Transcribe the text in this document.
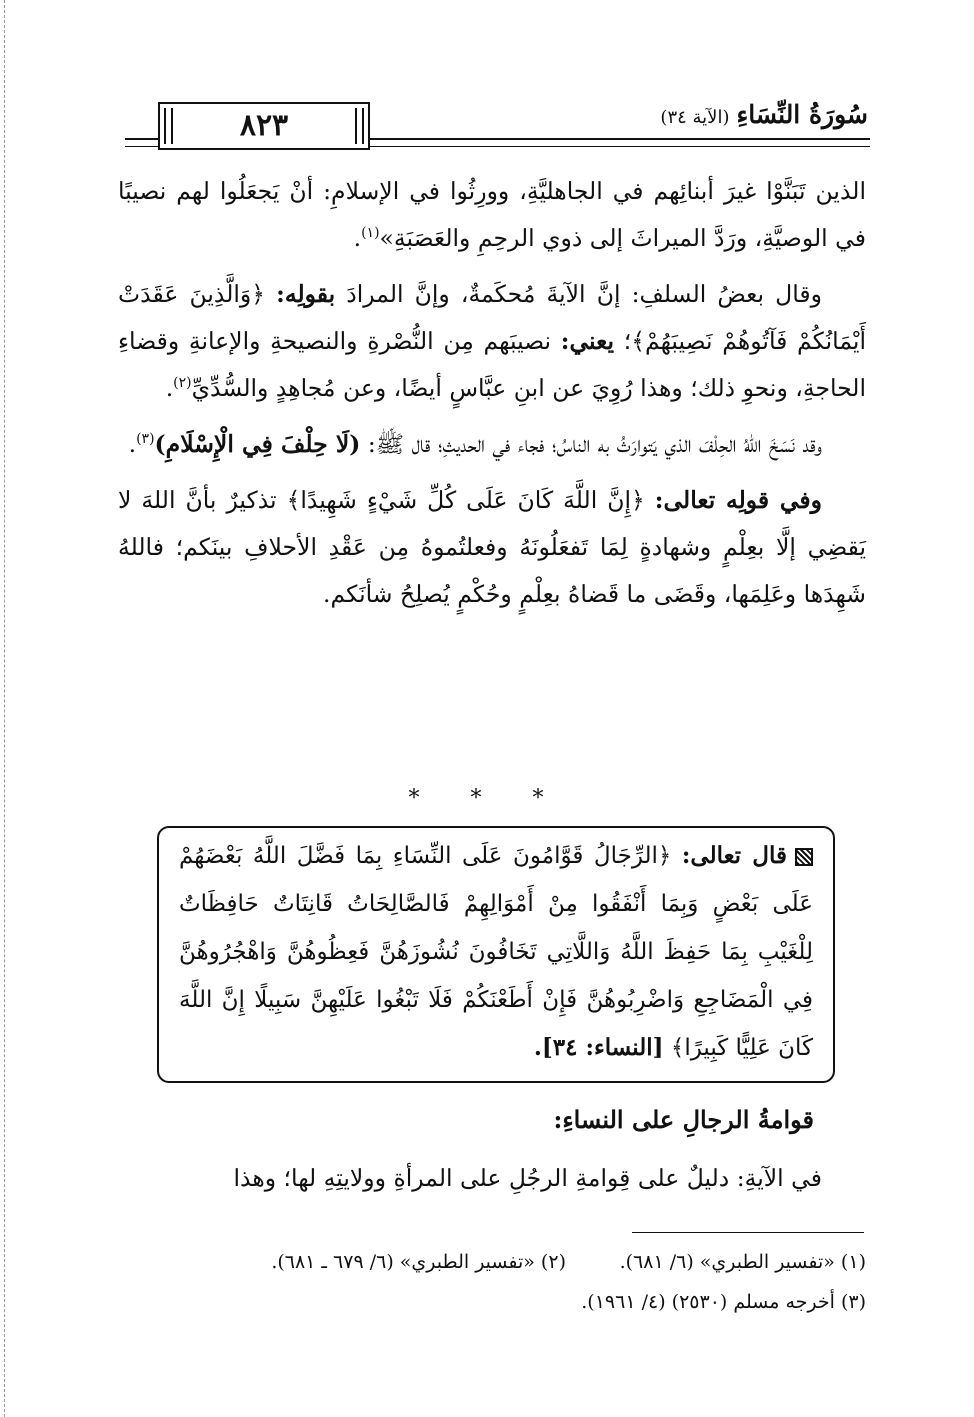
٨٢٣	سُورَةُ النِّسَاءِ (الآية ٣٤)

الذين تَبَنَّوْا غيرَ أبنائِهم في الجاهليَّةِ، وورِثُوا في الإسلامِ: أنْ يَجعَلُوا لهم نصيبًا في الوصيَّةِ، ورَدَّ الميراثَ إلى ذوي الرحِمِ والعَصَبَةِ»$^{(١)}$.

وقال بعضُ السلفِ: إنَّ الآيةَ مُحكَمةٌ، وإنَّ المرادَ بقولِه: ﴿وَالَّذِينَ عَقَدَتْ أَيْمَانُكُمْ فَآتُوهُمْ نَصِيبَهُمْ﴾؛ يعني: نصيبَهم مِن النُّصْرةِ والنصيحةِ والإعانةِ وقضاءِ الحاجةِ، ونحوِ ذلك؛ وهذا رُوِيَ عن ابنِ عبَّاسٍ أيضًا، وعن مُجاهِدٍ والسُّدِّيِّ$^{(٢)}$.

وقد نَسَخَ اللهُ الحِلْفَ الذي يَتوارَثُ به الناسُ؛ فجاء في الحديثِ؛ قال ﷺ: (لَا حِلْفَ فِي الْإِسْلَامِ)$^{(٣)}$.

وفي قولِه تعالى: ﴿إِنَّ اللَّهَ كَانَ عَلَى كُلِّ شَيْءٍ شَهِيدًا﴾ تذكيرٌ بأنَّ اللهَ لا يَقضِي إلَّا بعِلْمٍ وشهادةٍ لِمَا تَفعَلُونَهُ وفعلتُموهُ مِن عَقْدِ الأحلافِ بينَكم؛ فاللهُ شَهِدَها وعَلِمَها، وقَضَى ما قَضاهُ بعِلْمٍ وحُكْمٍ يُصلِحُ شأنَكم.

* * *
قال تعالى: ﴿الرِّجَالُ قَوَّامُونَ عَلَى النِّسَاءِ بِمَا فَضَّلَ اللَّهُ بَعْضَهُمْ عَلَى بَعْضٍ وَبِمَا أَنْفَقُوا مِنْ أَمْوَالِهِمْ فَالصَّالِحَاتُ قَانِتَاتٌ حَافِظَاتٌ لِلْغَيْبِ بِمَا حَفِظَ اللَّهُ وَاللَّاتِي تَخَافُونَ نُشُوزَهُنَّ فَعِظُوهُنَّ وَاهْجُرُوهُنَّ فِي الْمَضَاجِعِ وَاضْرِبُوهُنَّ فَإِنْ أَطَعْنَكُمْ فَلَا تَبْغُوا عَلَيْهِنَّ سَبِيلًا إِنَّ اللَّهَ كَانَ عَلِيًّا كَبِيرًا﴾ [النساء: ٣٤].
قوامةُ الرجالِ على النساءِ:
في الآيةِ: دليلٌ على قِوامةِ الرجُلِ على المرأةِ وولايتِهِ لها؛ وهذا
(١) «تفسير الطبري» (٦/ ٦٨١).
(٢) «تفسير الطبري» (٦/ ٦٧٩ ـ ٦٨١).
(٣) أخرجه مسلم (٢٥٣٠) (٤/ ١٩٦١).
